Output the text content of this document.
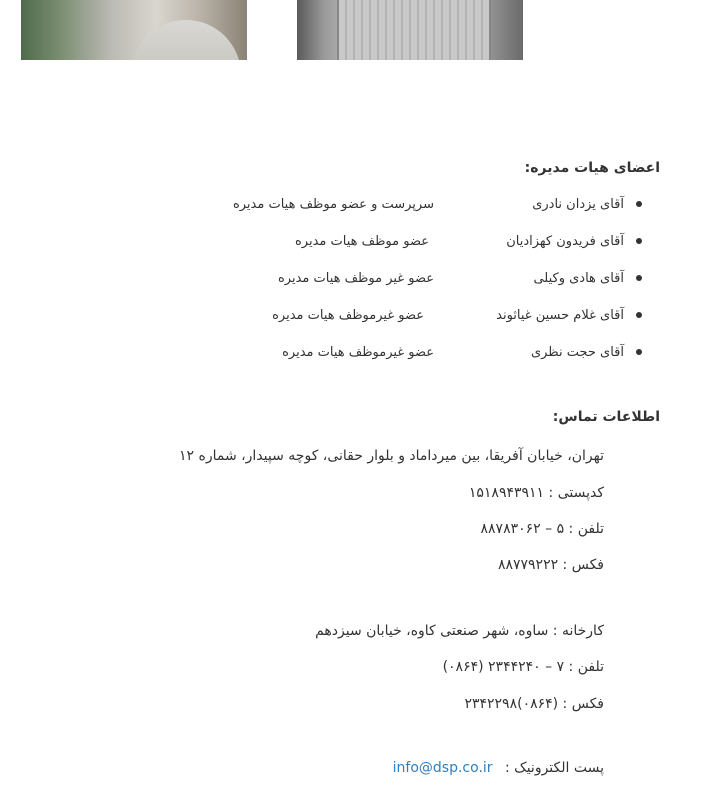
اعضای هیات مدیره:
آقای یزدان نادری
سرپرست و عضو موظف هیات مدیره
آقای فریدون کهزادیان
عضو موظف هیات مدیره
آقای هادی وکیلی
عضو غیر موظف هیات مدیره
آقای غلام حسین غیاثوند
عضو غیرموظف هیات مدیره
آقای حجت نظری
عضو غیرموظف هیات مدیره
اطلاعات تماس:
تهران، خیابان آفریقا، بین میرداماد و بلوار حقانی، کوچه سپیدار، شماره ۱۲
کدپستی : ۱۵۱۸۹۴۳۹۱۱
تلفن : ۵ – ۸۸۷۸۳۰۶۲
فکس : ۸۸۷۷۹۲۲۲
کارخانه : ساوه، شهر صنعتی کاوه، خیابان سیزدهم
تلفن : ۷ – ۲۳۴۴۲۴۰ (۰۸۶۴)
فکس : (۰۸۶۴)۲۳۴۲۲۹۸
پست الکترونیک : info@dsp.co.ir
